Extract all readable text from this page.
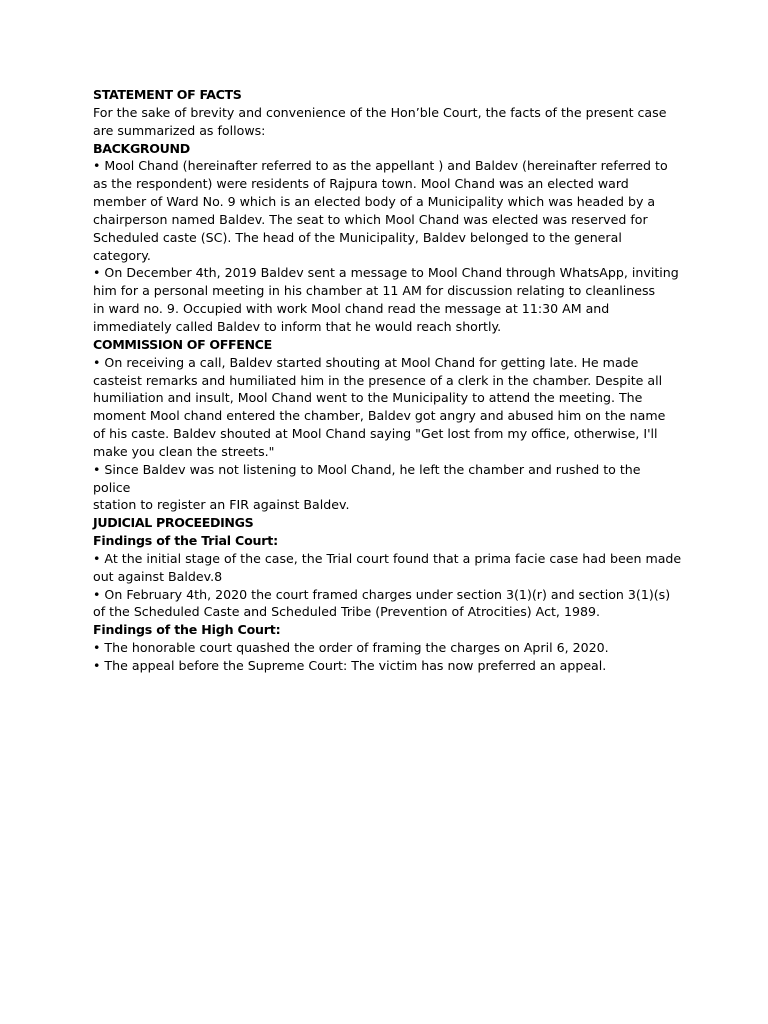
STATEMENT OF FACTS
For the sake of brevity and convenience of the Hon’ble Court, the facts of the present case
are summarized as follows:
BACKGROUND
• Mool Chand (hereinafter referred to as the appellant ) and Baldev (hereinafter referred to
as the respondent) were residents of Rajpura town. Mool Chand was an elected ward
member of Ward No. 9 which is an elected body of a Municipality which was headed by a
chairperson named Baldev. The seat to which Mool Chand was elected was reserved for
Scheduled caste (SC). The head of the Municipality, Baldev belonged to the general
category.
• On December 4th, 2019 Baldev sent a message to Mool Chand through WhatsApp, inviting
him for a personal meeting in his chamber at 11 AM for discussion relating to cleanliness
in ward no. 9. Occupied with work Mool chand read the message at 11:30 AM and
immediately called Baldev to inform that he would reach shortly.
COMMISSION OF OFFENCE
• On receiving a call, Baldev started shouting at Mool Chand for getting late. He made
casteist remarks and humiliated him in the presence of a clerk in the chamber. Despite all
humiliation and insult, Mool Chand went to the Municipality to attend the meeting. The
moment Mool chand entered the chamber, Baldev got angry and abused him on the name
of his caste. Baldev shouted at Mool Chand saying "Get lost from my office, otherwise, I'll
make you clean the streets."
• Since Baldev was not listening to Mool Chand, he left the chamber and rushed to the
police
station to register an FIR against Baldev.
JUDICIAL PROCEEDINGS
Findings of the Trial Court:
• At the initial stage of the case, the Trial court found that a prima facie case had been made
out against Baldev.8
• On February 4th, 2020 the court framed charges under section 3(1)(r) and section 3(1)(s)
of the Scheduled Caste and Scheduled Tribe (Prevention of Atrocities) Act, 1989.
Findings of the High Court:
• The honorable court quashed the order of framing the charges on April 6, 2020.
• The appeal before the Supreme Court: The victim has now preferred an appeal.
